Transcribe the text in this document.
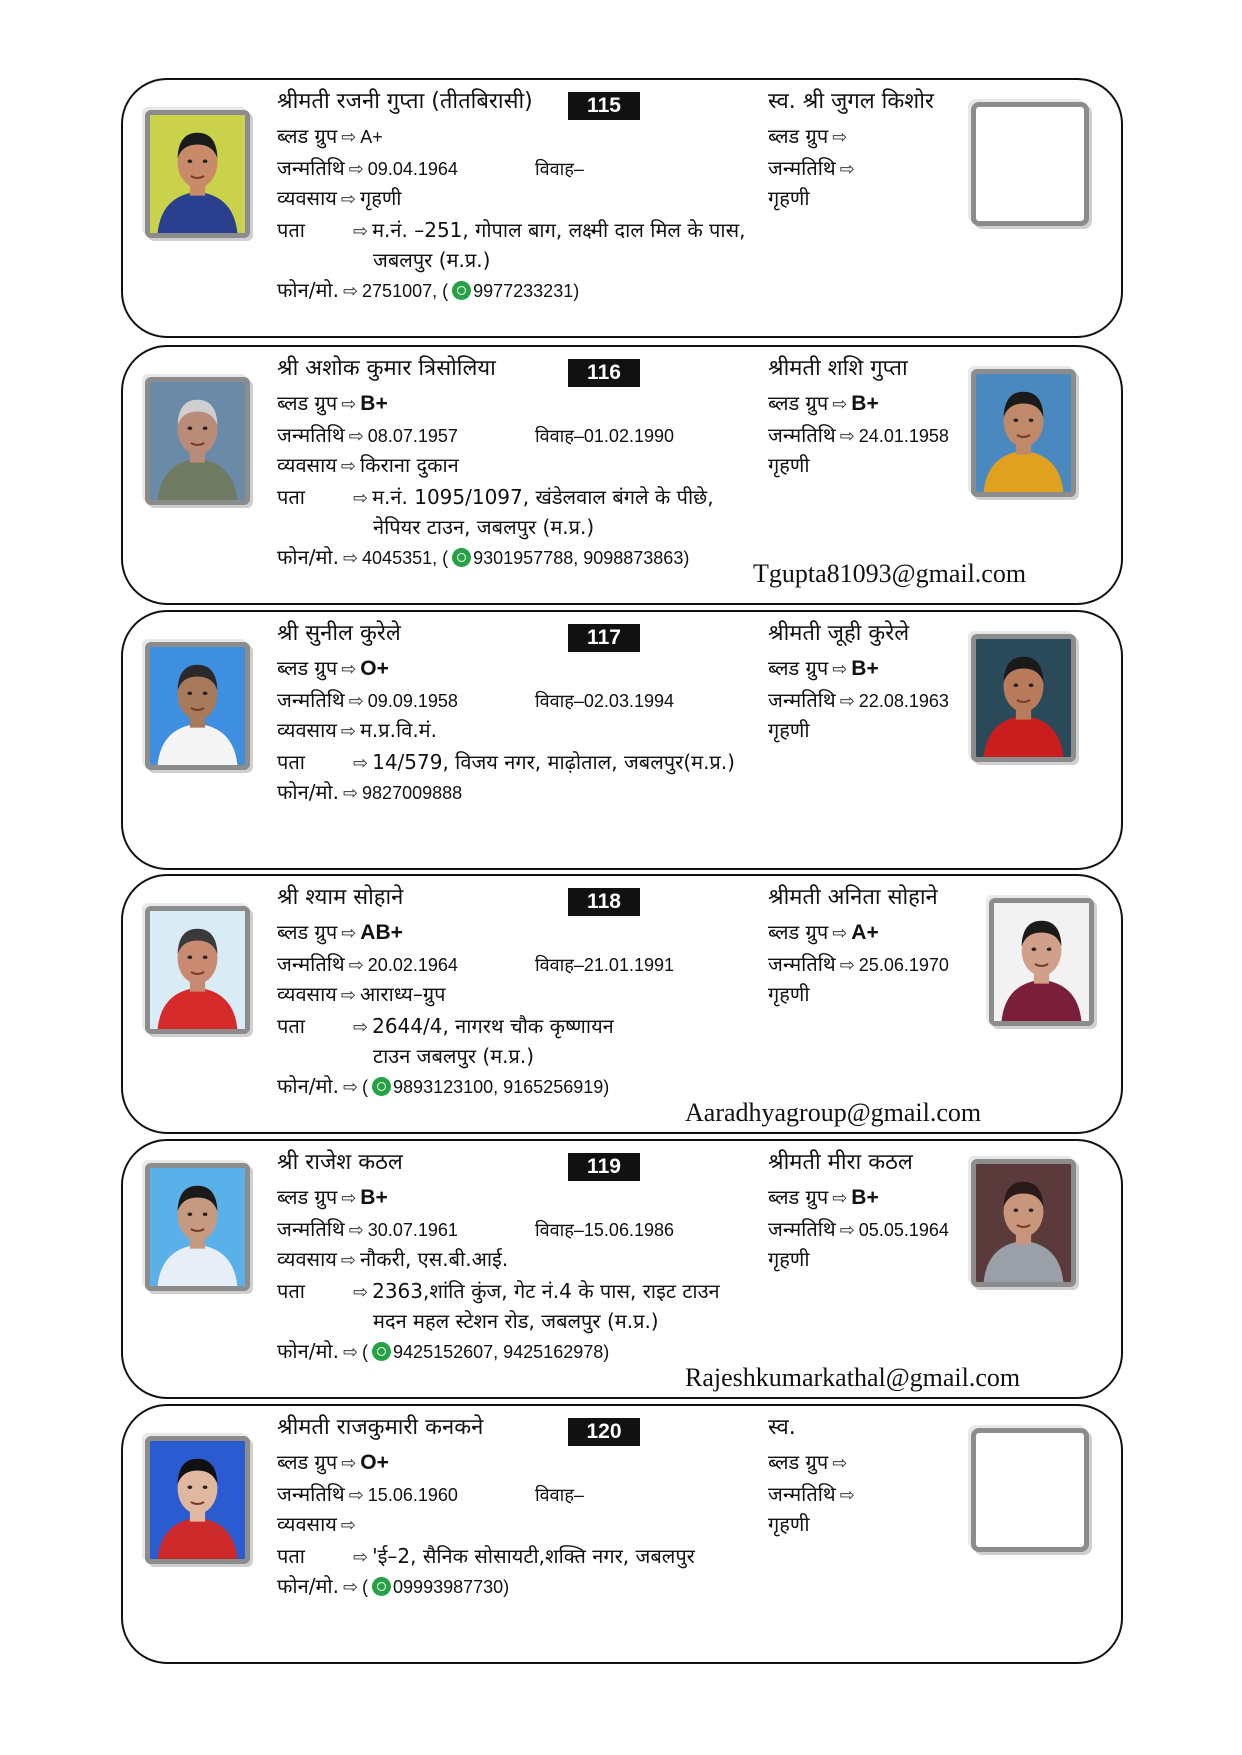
श्रीमती रजनी गुप्ता (तीतबिरासी)	115
ब्लड ग्रुप ⇨ A+
जन्मतिथि ⇨ 09.04.1964	विवाह–
व्यवसाय ⇨ गृहणी
पता	⇨ म.नं. –251, गोपाल बाग, लक्ष्मी दाल मिल के पास,
जबलपुर (म.प्र.)
फोन/मो. ⇨ 2751007, ( 9977233231)
स्व. श्री जुगल किशोर
ब्लड ग्रुप ⇨
जन्मतिथि ⇨
गृहणी
श्री अशोक कुमार त्रिसोलिया	116
ब्लड ग्रुप ⇨ B+
जन्मतिथि ⇨ 08.07.1957	विवाह–01.02.1990
व्यवसाय ⇨ किराना दुकान
पता	⇨ म.नं. 1095/1097, खंडेलवाल बंगले के पीछे,
नेपियर टाउन, जबलपुर (म.प्र.)
फोन/मो. ⇨ 4045351, ( 9301957788, 9098873863)
श्रीमती शशि गुप्ता
ब्लड ग्रुप ⇨ B+
जन्मतिथि ⇨ 24.01.1958
गृहणी
Tgupta81093@gmail.com
श्री सुनील कुरेले	117
ब्लड ग्रुप ⇨ O+
जन्मतिथि ⇨ 09.09.1958	विवाह–02.03.1994
व्यवसाय ⇨ म.प्र.वि.मं.
पता	⇨ 14/579, विजय नगर, माढ़ोताल, जबलपुर(म.प्र.)
फोन/मो. ⇨ 9827009888
श्रीमती जूही कुरेले
ब्लड ग्रुप ⇨ B+
जन्मतिथि ⇨ 22.08.1963
गृहणी
श्री श्याम सोहाने	118
ब्लड ग्रुप ⇨ AB+
जन्मतिथि ⇨ 20.02.1964	विवाह–21.01.1991
व्यवसाय ⇨ आराध्य–ग्रुप
पता	⇨ 2644/4, नागरथ चौक कृष्णायन
टाउन जबलपुर (म.प्र.)
फोन/मो. ⇨ ( 9893123100, 9165256919)
श्रीमती अनिता सोहाने
ब्लड ग्रुप ⇨ A+
जन्मतिथि ⇨ 25.06.1970
गृहणी
Aaradhyagroup@gmail.com
श्री राजेश कठल	119
ब्लड ग्रुप ⇨ B+
जन्मतिथि ⇨ 30.07.1961	विवाह–15.06.1986
व्यवसाय ⇨ नौकरी, एस.बी.आई.
पता	⇨ 2363,शांति कुंज, गेट नं.4 के पास, राइट टाउन
मदन महल स्टेशन रोड, जबलपुर (म.प्र.)
फोन/मो. ⇨ ( 9425152607, 9425162978)
श्रीमती मीरा कठल
ब्लड ग्रुप ⇨ B+
जन्मतिथि ⇨ 05.05.1964
गृहणी
Rajeshkumarkathal@gmail.com
श्रीमती राजकुमारी कनकने	120
ब्लड ग्रुप ⇨ O+
जन्मतिथि ⇨ 15.06.1960	विवाह–
व्यवसाय ⇨
पता	⇨ 'ई–2, सैनिक सोसायटी,शक्ति नगर, जबलपुर
फोन/मो. ⇨ ( 09993987730)
स्व.
ब्लड ग्रुप ⇨
जन्मतिथि ⇨
गृहणी
